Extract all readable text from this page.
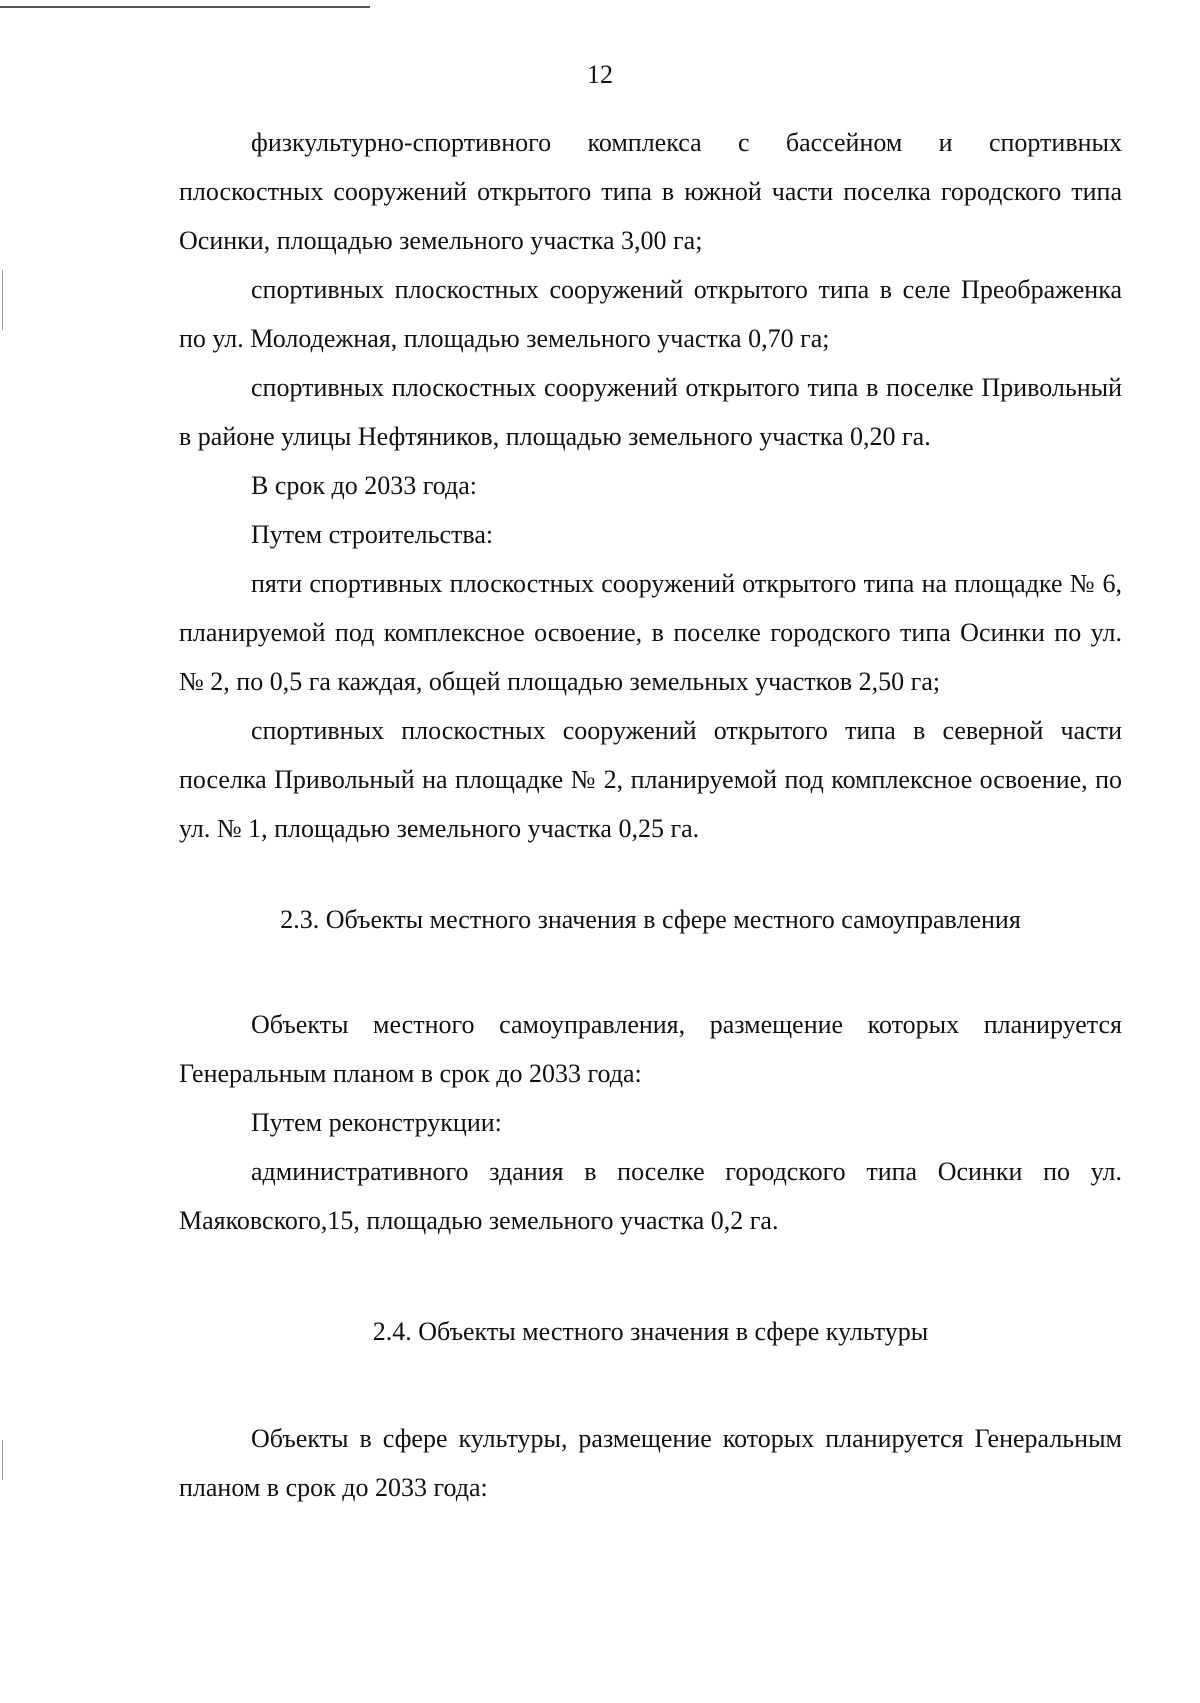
12

физкультурно-спортивного комплекса с бассейном и спортивных плоскостных сооружений открытого типа в южной части поселка городского типа Осинки, площадью земельного участка 3,00 га;

спортивных плоскостных сооружений открытого типа в селе Преображенка по ул. Молодежная, площадью земельного участка 0,70 га;

спортивных плоскостных сооружений открытого типа в поселке Привольный в районе улицы Нефтяников, площадью земельного участка 0,20 га.

В срок до 2033 года:

Путем строительства:

пяти спортивных плоскостных сооружений открытого типа на площадке № 6, планируемой под комплексное освоение, в поселке городского типа Осинки по ул. № 2, по 0,5 га каждая, общей площадью земельных участков 2,50 га;

спортивных плоскостных сооружений открытого типа в северной части поселка Привольный на площадке № 2, планируемой под комплексное освоение, по ул. № 1, площадью земельного участка 0,25 га.

2.3. Объекты местного значения в сфере местного самоуправления

Объекты местного самоуправления, размещение которых планируется Генеральным планом в срок до 2033 года:

Путем реконструкции:

административного здания в поселке городского типа Осинки по ул. Маяковского,15, площадью земельного участка 0,2 га.

2.4. Объекты местного значения в сфере культуры

Объекты в сфере культуры, размещение которых планируется Генеральным планом в срок до 2033 года:
